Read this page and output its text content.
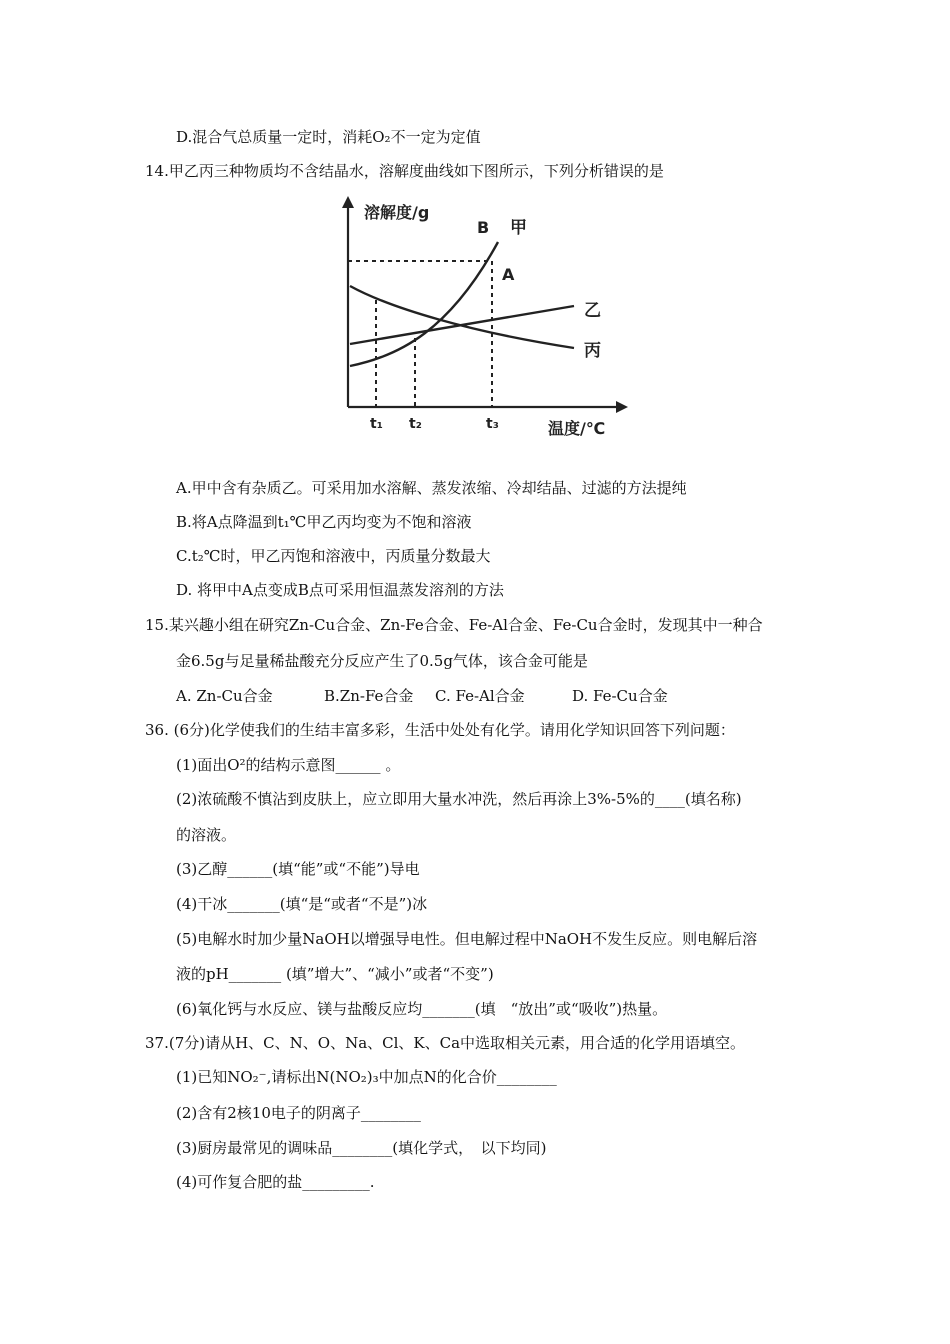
D.混合气总质量一定时，消耗O₂不一定为定值
14.甲乙丙三种物质均不含结晶水，溶解度曲线如下图所示，下列分析错误的是
溶解度/g
温度/℃
t₁ t₂	t₃
B
A
甲
乙
丙
A.甲中含有杂质乙。可采用加水溶解、蒸发浓缩、冷却结晶、过滤的方法提纯
B.将A点降温到t₁℃甲乙丙均变为不饱和溶液
C.t₂℃时，甲乙丙饱和溶液中，丙质量分数最大
D. 将甲中A点变成B点可采用恒温蒸发溶剂的方法
15.某兴趣小组在研究Zn-Cu合金、Zn-Fe合金、Fe-Al合金、Fe-Cu合金时，发现其中一种合
金6.5g与足量稀盐酸充分反应产生了0.5g气体，该合金可能是
A. Zn-Cu合金	B.Zn-Fe合金 C. Fe-Al合金	D. Fe-Cu合金
36. (6分)化学使我们的生结丰富多彩，生活中处处有化学。请用化学知识回答下列问题：
(1)面出O²的结构示意图______ 。
(2)浓硫酸不慎沾到皮肤上，应立即用大量水冲洗，然后再涂上3%-5%的____(填名称)
的溶液。
(3)乙醇______(填“能”或“不能”)导电
(4)干冰_______(填“是“或者“不是”)冰
(5)电解水时加少量NaOH以增强导电性。但电解过程中NaOH不发生反应。则电解后溶
液的pH_______ (填”增大”、“减小”或者“不变”)
(6)氧化钙与水反应、镁与盐酸反应均_______(填　“放出”或“吸收”)热量。
37.(7分)请从H、C、N、O、Na、Cl、K、Ca中选取相关元素，用合适的化学用语填空。
(1)已知NO₂⁻,请标出N(NO₂)₃中加点N的化合价________
(2)含有2核10电子的阴离子________
(3)厨房最常见的调味品________(填化学式，　以下均同)
(4)可作复合肥的盐_________.
